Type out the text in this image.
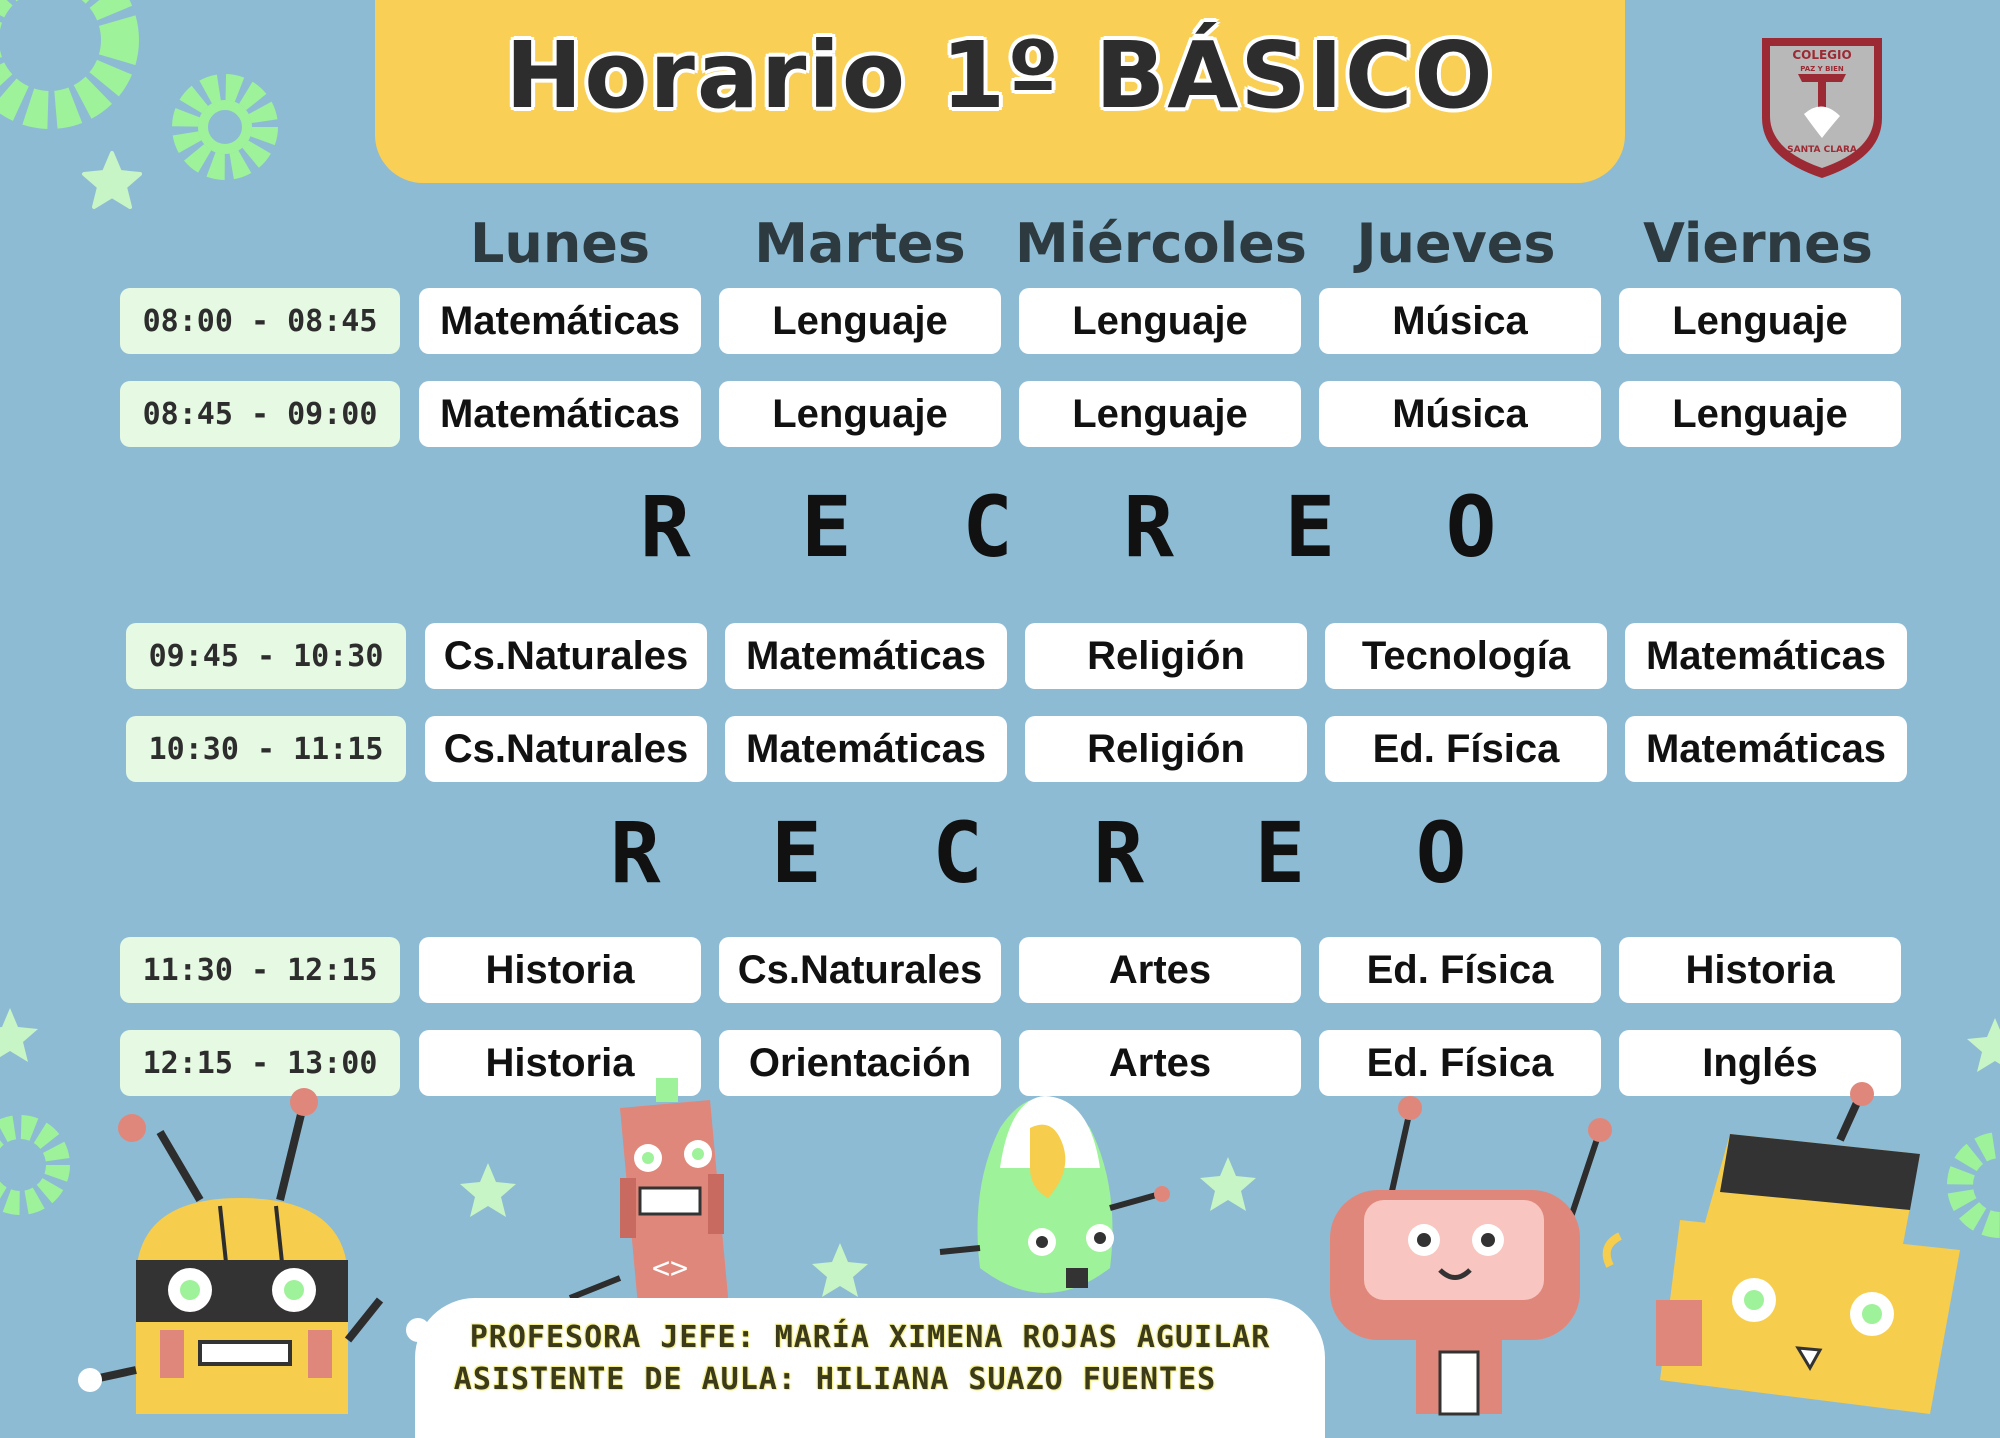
Horario 1º BÁSICO	COLEGIO
PAZ Y BIEN
SANTA CLARA
Lunes	Martes Miércoles Jueves	Viernes
08:00 - 08:45	Matemáticas	Lenguaje	Lenguaje	Música	Lenguaje
08:45 - 09:00	Matemáticas	Lenguaje	Lenguaje	Música	Lenguaje
R E C R E O
09:45 - 10:30	Cs.Naturales	Matemáticas	Religión	Tecnología	Matemáticas
10:30 - 11:15	Cs.Naturales	Matemáticas	Religión	Ed. Física	Matemáticas
R E C R E O
11:30 - 12:15	Historia	Cs.Naturales	Artes	Ed. Física	Historia
12:15 - 13:00	Historia	Orientación	Artes	Ed. Física	Inglés
<>
PROFESORA JEFE: MARÍA XIMENA ROJAS AGUILAR
ASISTENTE DE AULA: HILIANA SUAZO FUENTES
